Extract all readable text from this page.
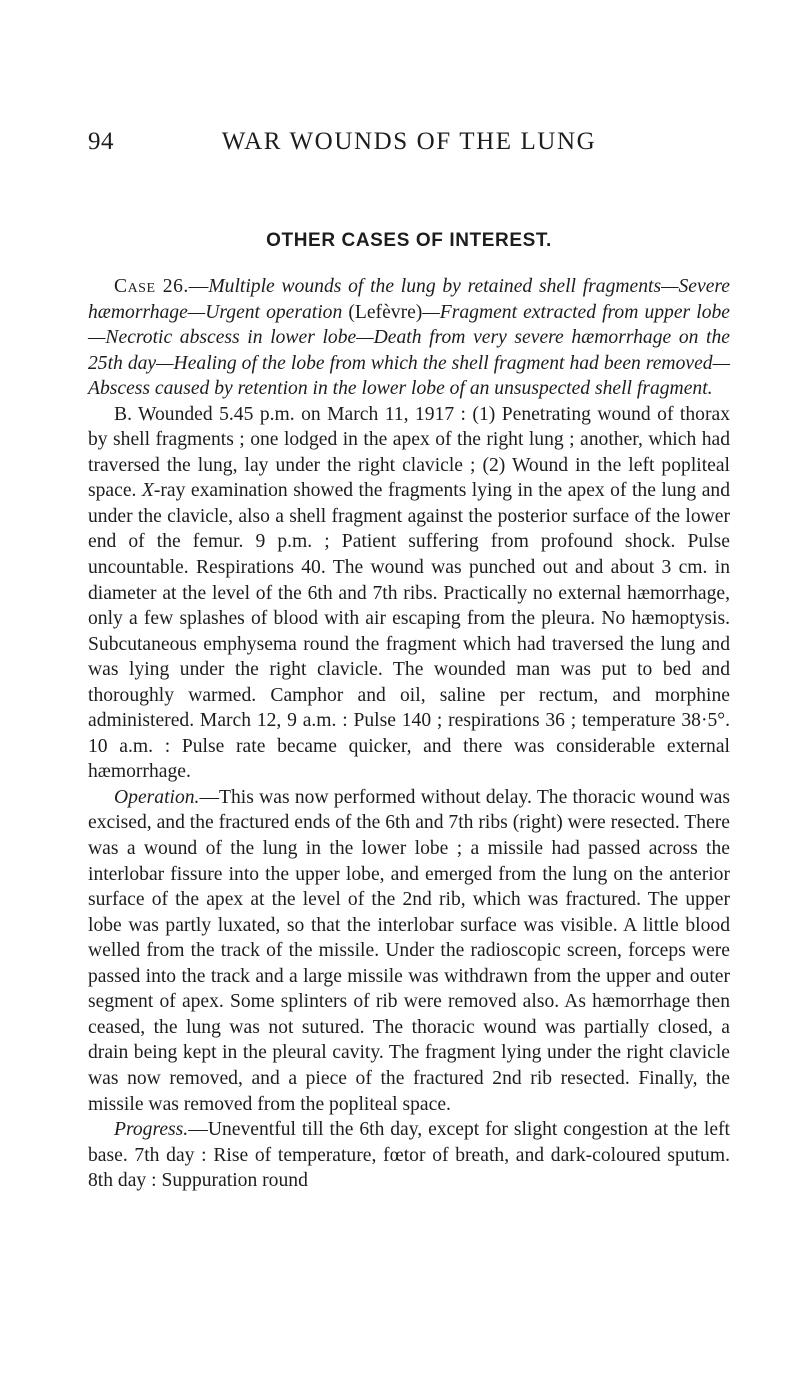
94	WAR WOUNDS OF THE LUNG
OTHER CASES OF INTEREST.

Case 26.—Multiple wounds of the lung by retained shell fragments—Severe hæmorrhage—Urgent operation (Lefèvre)—Fragment extracted from upper lobe—Necrotic abscess in lower lobe—Death from very severe hæmorrhage on the 25th day—Healing of the lobe from which the shell fragment had been removed—Abscess caused by retention in the lower lobe of an unsuspected shell fragment.

B. Wounded 5.45 p.m. on March 11, 1917 : (1) Penetrating wound of thorax by shell fragments ; one lodged in the apex of the right lung ; another, which had traversed the lung, lay under the right clavicle ; (2) Wound in the left popliteal space. X-ray examination showed the fragments lying in the apex of the lung and under the clavicle, also a shell fragment against the posterior surface of the lower end of the femur. 9 p.m. ; Patient suffering from profound shock. Pulse uncountable. Respirations 40. The wound was punched out and about 3 cm. in diameter at the level of the 6th and 7th ribs. Practically no external hæmorrhage, only a few splashes of blood with air escaping from the pleura. No hæmoptysis. Subcutaneous emphysema round the fragment which had traversed the lung and was lying under the right clavicle. The wounded man was put to bed and thoroughly warmed. Camphor and oil, saline per rectum, and morphine administered. March 12, 9 a.m. : Pulse 140 ; respirations 36 ; temperature 38·5°. 10 a.m. : Pulse rate became quicker, and there was considerable external hæmorrhage.

Operation.—This was now performed without delay. The thoracic wound was excised, and the fractured ends of the 6th and 7th ribs (right) were resected. There was a wound of the lung in the lower lobe ; a missile had passed across the interlobar fissure into the upper lobe, and emerged from the lung on the anterior surface of the apex at the level of the 2nd rib, which was fractured. The upper lobe was partly luxated, so that the interlobar surface was visible. A little blood welled from the track of the missile. Under the radioscopic screen, forceps were passed into the track and a large missile was withdrawn from the upper and outer segment of apex. Some splinters of rib were removed also. As hæmorrhage then ceased, the lung was not sutured. The thoracic wound was partially closed, a drain being kept in the pleural cavity. The fragment lying under the right clavicle was now removed, and a piece of the fractured 2nd rib resected. Finally, the missile was removed from the popliteal space.

Progress.—Uneventful till the 6th day, except for slight congestion at the left base. 7th day : Rise of temperature, fœtor of breath, and dark-coloured sputum. 8th day : Suppuration round
